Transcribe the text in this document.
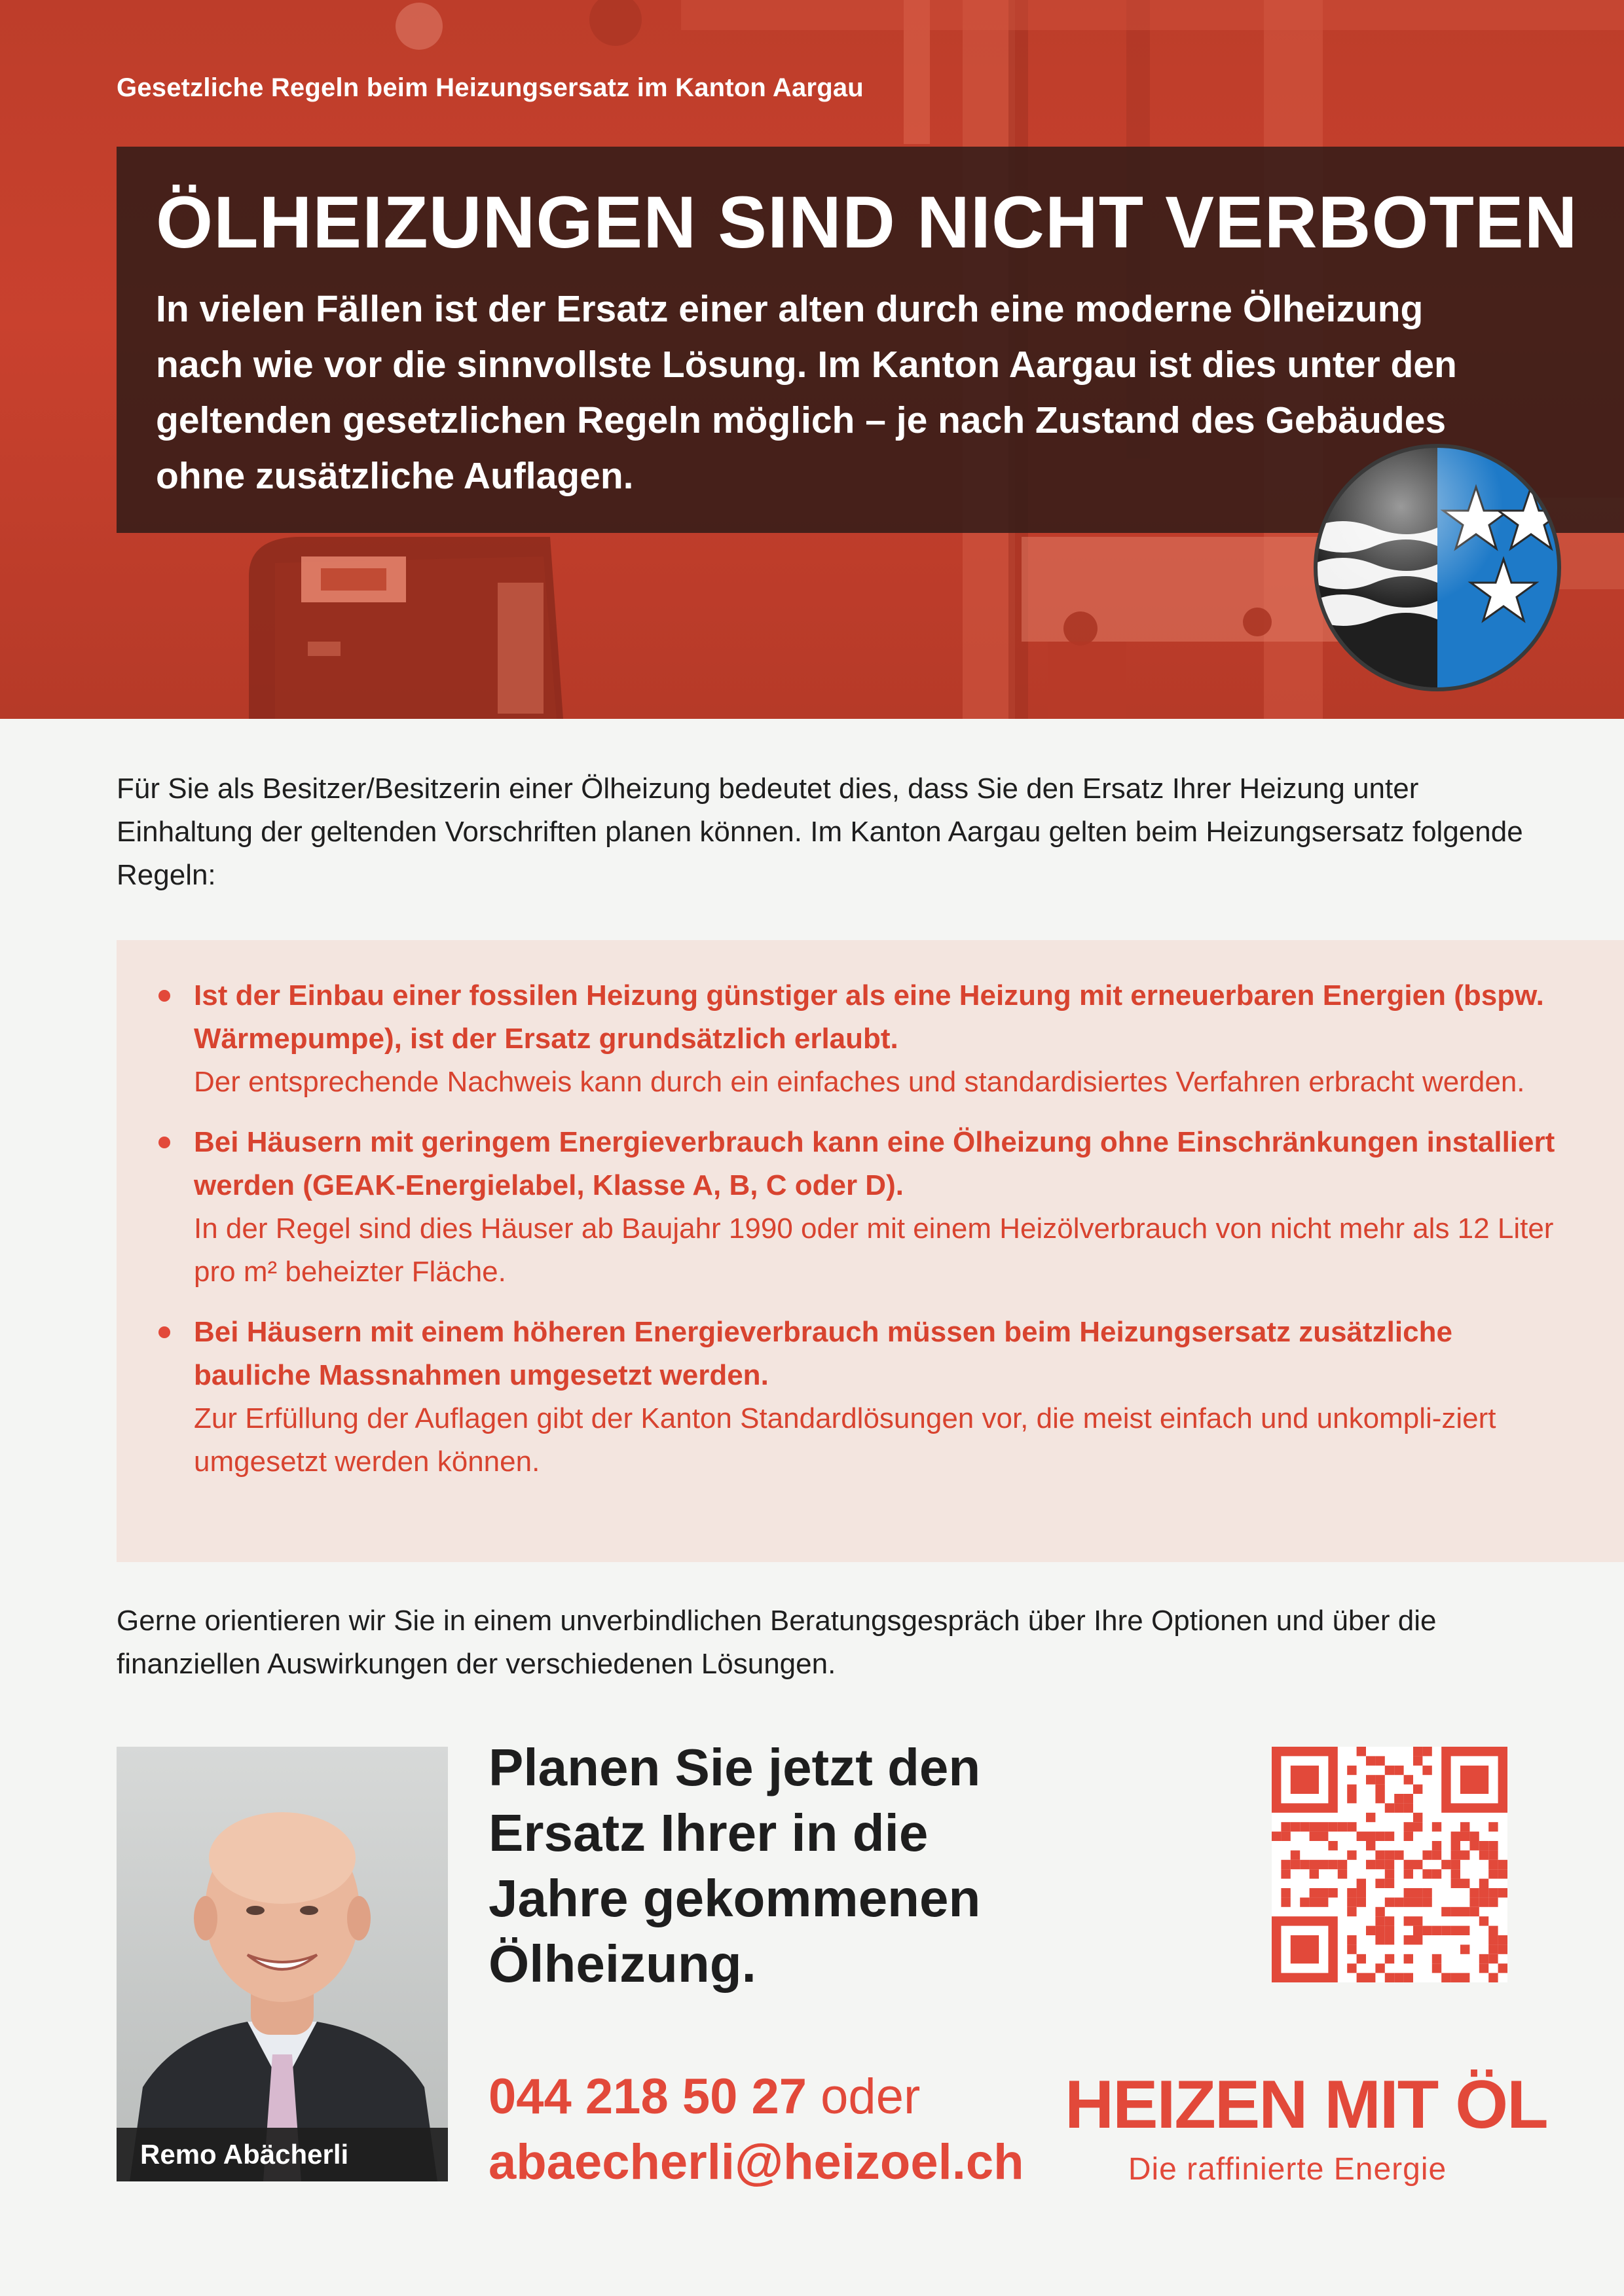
Gesetzliche Regeln beim Heizungsersatz im Kanton Aargau
ÖLHEIZUNGEN SIND NICHT VERBOTEN

In vielen Fällen ist der Ersatz einer alten durch eine moderne Ölheizung nach wie vor die sinnvollste Lösung. Im Kanton Aargau ist dies unter den geltenden gesetzlichen Regeln möglich – je nach Zustand des Gebäudes ohne zusätzliche Auflagen.

Für Sie als Besitzer/Besitzerin einer Ölheizung bedeutet dies, dass Sie den Ersatz Ihrer Heizung unter Einhaltung der geltenden Vorschriften planen können. Im Kanton Aargau gelten beim Heizungsersatz folgende Regeln:

Ist der Einbau einer fossilen Heizung günstiger als eine Heizung mit erneuerbaren Energien (bspw. Wärmepumpe), ist der Ersatz grundsätzlich erlaubt.
Der entsprechende Nachweis kann durch ein einfaches und standardisiertes Verfahren erbracht werden.
Bei Häusern mit geringem Energieverbrauch kann eine Ölheizung ohne Einschränkungen installiert werden (GEAK-Energielabel, Klasse A, B, C oder D).
In der Regel sind dies Häuser ab Baujahr 1990 oder mit einem Heizölverbrauch von nicht mehr als 12 Liter pro m² beheizter Fläche.
Bei Häusern mit einem höheren Energieverbrauch müssen beim Heizungsersatz zusätzliche bauliche Massnahmen umgesetzt werden.
Zur Erfüllung der Auflagen gibt der Kanton Standardlösungen vor, die meist einfach und unkompli-ziert umgesetzt werden können.

Gerne orientieren wir Sie in einem unverbindlichen Beratungsgespräch über Ihre Optionen und über die finanziellen Auswirkungen der verschiedenen Lösungen.

Remo Abächerli

Planen Sie jetzt den Ersatz Ihrer in die Jahre gekommenen Ölheizung.

044 218 50 27 oder
abaecherli@heizoel.ch
HEIZEN MIT ÖL
Die raffinierte Energie
